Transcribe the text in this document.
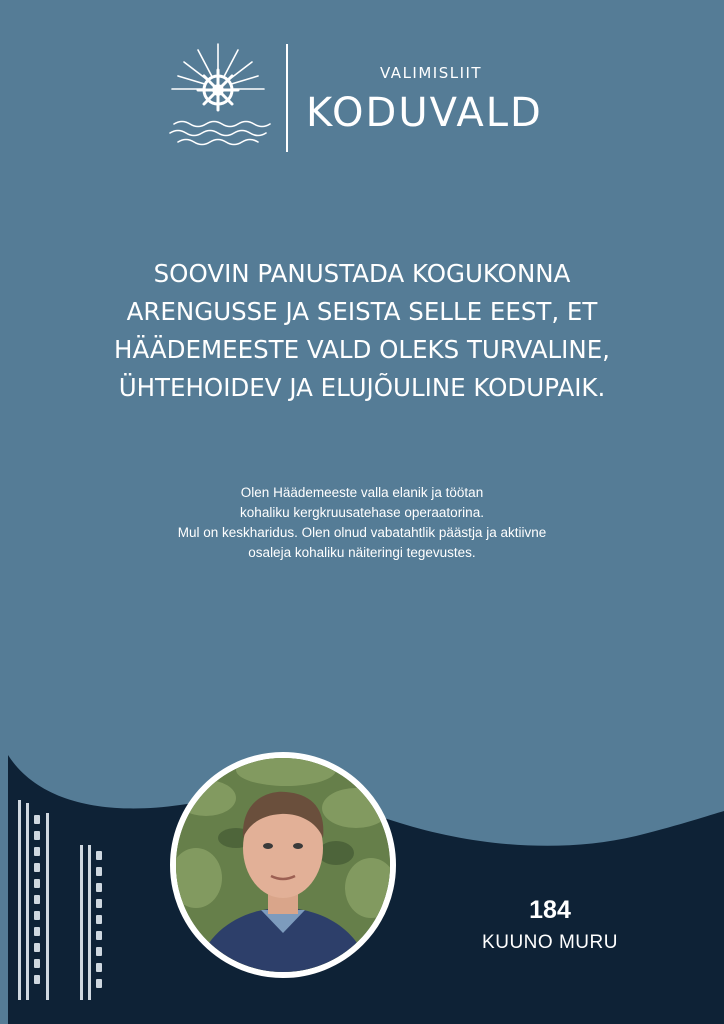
VALIMISLIIT
KODUVALD
SOOVIN PANUSTADA KOGUKONNA
ARENGUSSE JA SEISTA SELLE EEST, ET
HÄÄDEMEESTE VALD OLEKS TURVALINE,
ÜHTEHOIDEV JA ELUJÕULINE KODUPAIK.
Olen Häädemeeste valla elanik ja töötan
kohaliku kergkruusatehase operaatorina.
Mul on keskharidus. Olen olnud vabatahtlik päästja ja aktiivne
osaleja kohaliku näiteringi tegevustes.
184
KUUNO MURU
